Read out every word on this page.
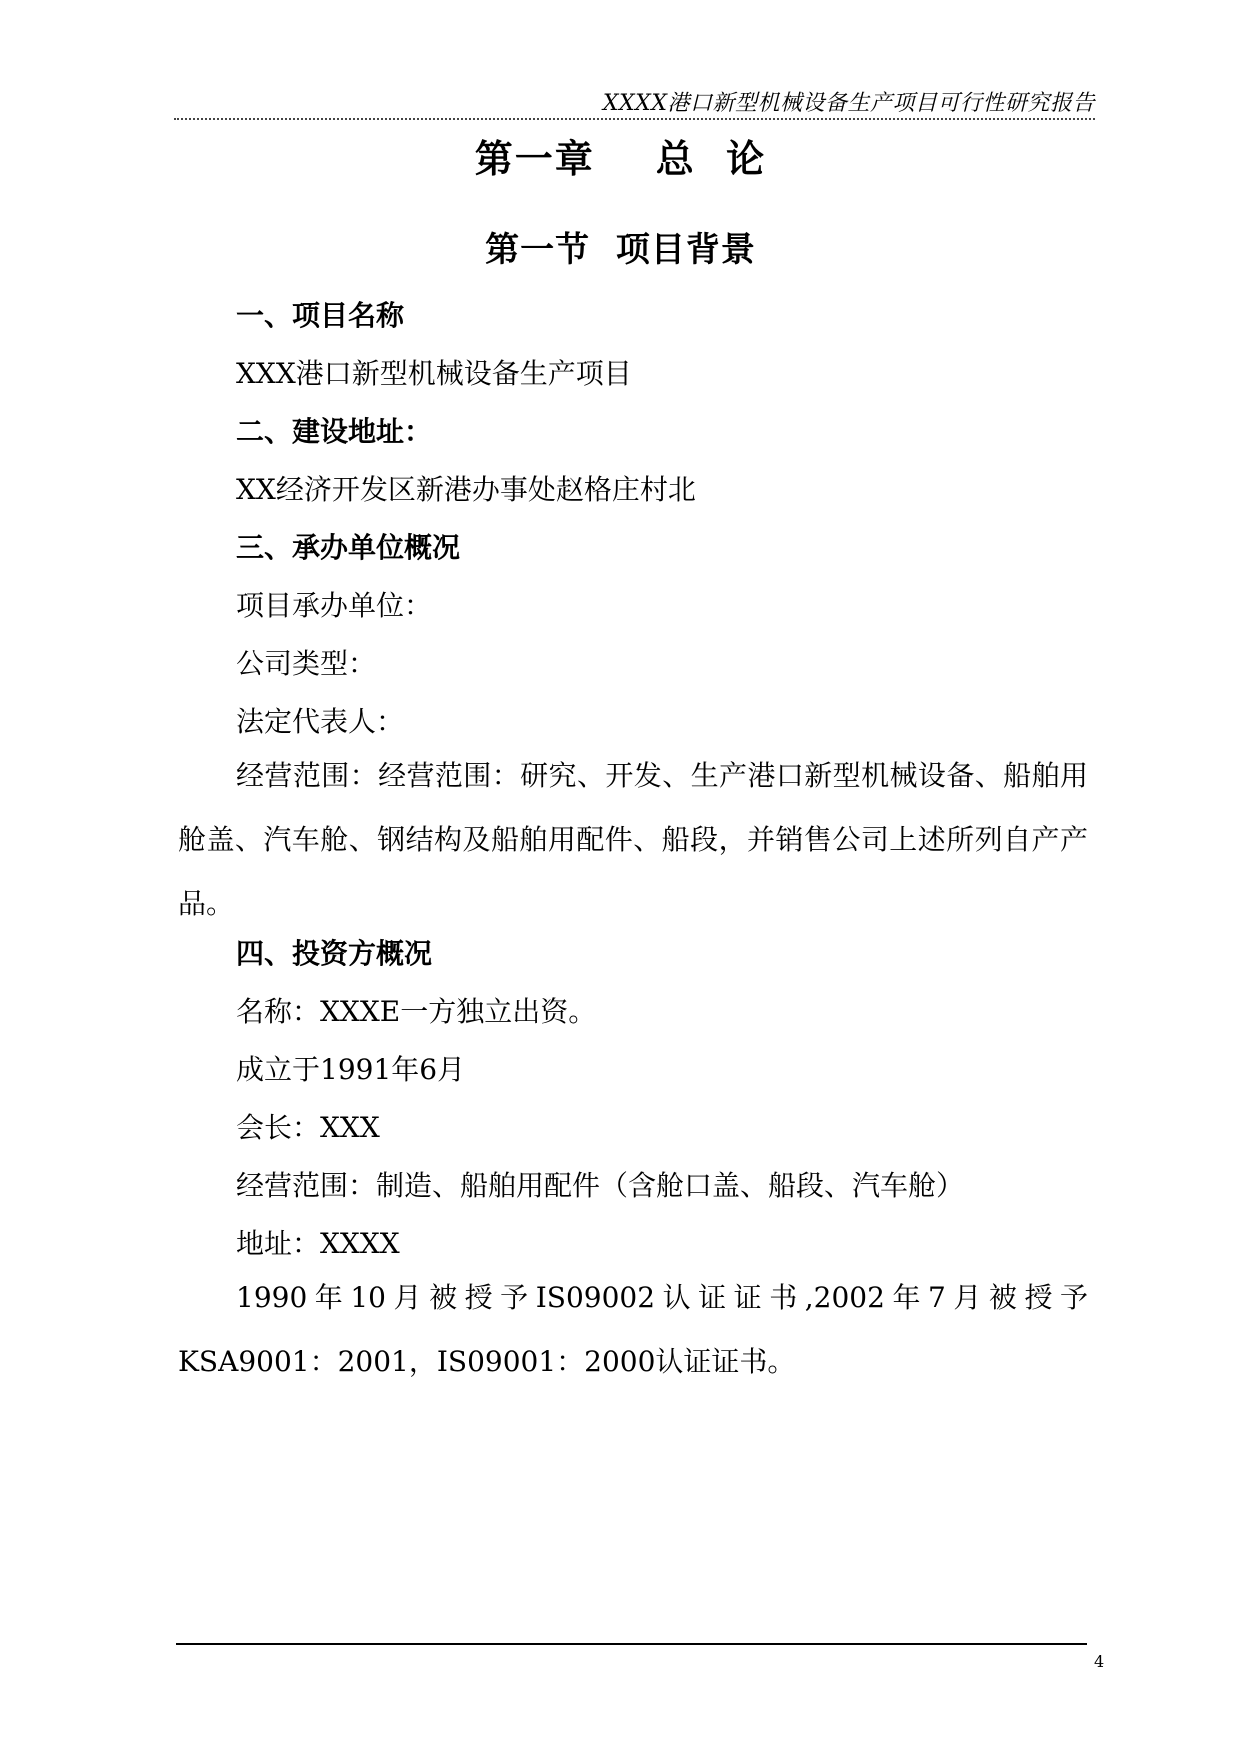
XXXX港口新型机械设备生产项目可行性研究报告
第一章    总  论
第一节  项目背景
一、项目名称
XXX港口新型机械设备生产项目
二、建设地址：
XX经济开发区新港办事处赵格庄村北
三、承办单位概况
项目承办单位：
公司类型：
法定代表人：
经营范围：经营范围：研究、开发、生产港口新型机械设备、船舶用舱盖、汽车舱、钢结构及船舶用配件、船段，并销售公司上述所列自产产品。
四、投资方概况
名称：XXXE一方独立出资。
成立于1991年6月
会长：XXX
经营范围：制造、船舶用配件（含舱口盖、船段、汽车舱）
地址：XXXX
1990年10月被授予IS09002认证证书,2002年7月被授予KSA9001：2001，IS09001：2000认证证书。
4
